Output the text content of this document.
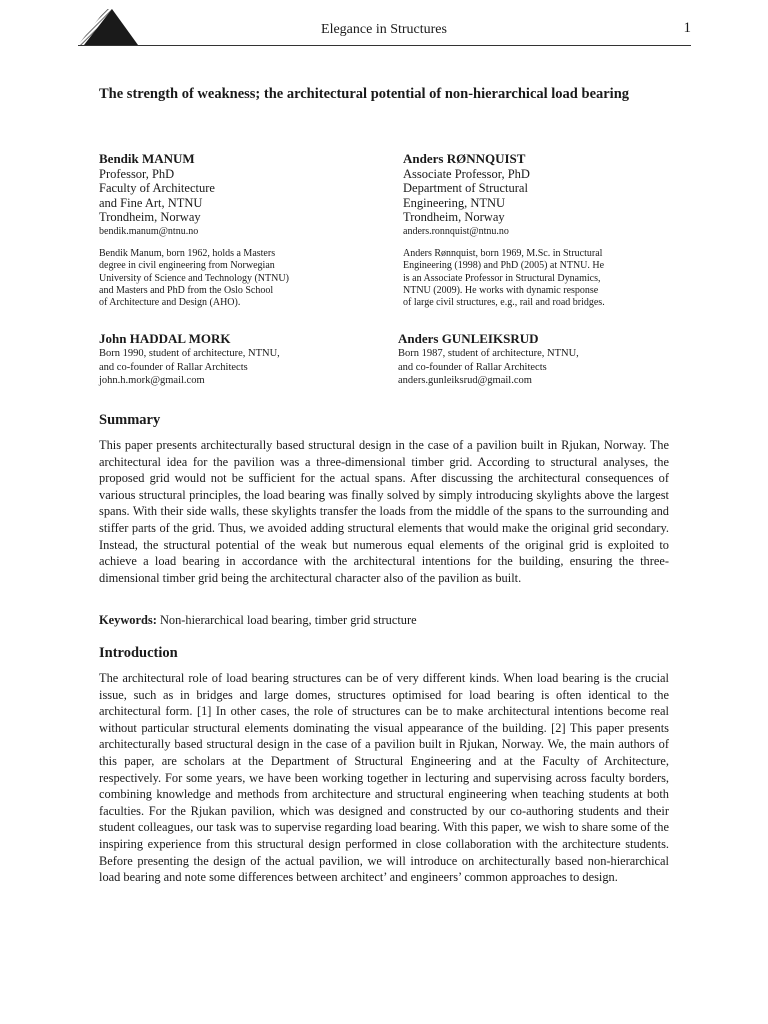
Elegance in Structures	1
The strength of weakness; the architectural potential of non-hierarchical load bearing
Bendik MANUM
Professor, PhD
Faculty of Architecture
and Fine Art, NTNU
Trondheim, Norway
bendik.manum@ntnu.no
Anders RØNNQUIST
Associate Professor, PhD
Department of Structural
Engineering, NTNU
Trondheim, Norway
anders.ronnquist@ntnu.no
Bendik Manum, born 1962, holds a Masters
degree in civil engineering from Norwegian
University of Science and Technology (NTNU)
and Masters and PhD from the Oslo School
of Architecture and Design (AHO).
Anders Rønnquist, born 1969, M.Sc. in Structural
Engineering (1998) and PhD (2005) at NTNU. He
is an Associate Professor in Structural Dynamics,
NTNU (2009). He works with dynamic response
of large civil structures, e.g., rail and road bridges.
John HADDAL MORK
Born 1990, student of architecture, NTNU,
and co-founder of Rallar Architects
john.h.mork@gmail.com
Anders GUNLEIKSRUD
Born 1987, student of architecture, NTNU,
and co-founder of Rallar Architects
anders.gunleiksrud@gmail.com
Summary

This paper presents architecturally based structural design in the case of a pavilion built in Rjukan, Norway. The architectural idea for the pavilion was a three-dimensional timber grid. According to structural analyses, the proposed grid would not be sufficient for the actual spans. After discussing the architectural consequences of various structural principles, the load bearing was finally solved by simply introducing skylights above the largest spans. With their side walls, these skylights transfer the loads from the middle of the spans to the surrounding and stiffer parts of the grid. Thus, we avoided adding structural elements that would make the original grid secondary. Instead, the structural potential of the weak but numerous equal elements of the original grid is exploited to achieve a load bearing in accordance with the architectural intentions for the building, ensuring the three-dimensional timber grid being the architectural character also of the pavilion as built.

Keywords: Non-hierarchical load bearing, timber grid structure
Introduction

The architectural role of load bearing structures can be of very different kinds. When load bearing is the crucial issue, such as in bridges and large domes, structures optimised for load bearing is often identical to the architectural form. [1] In other cases, the role of structures can be to make architectural intentions become real without particular structural elements dominating the visual appearance of the building. [2] This paper presents architecturally based structural design in the case of a pavilion built in Rjukan, Norway. We, the main authors of this paper, are scholars at the Department of Structural Engineering and at the Faculty of Architecture, respectively. For some years, we have been working together in lecturing and supervising across faculty borders, combining knowledge and methods from architecture and structural engineering when teaching students at both faculties. For the Rjukan pavilion, which was designed and constructed by our co-authoring students and their student colleagues, our task was to supervise regarding load bearing. With this paper, we wish to share some of the inspiring experience from this structural design performed in close collaboration with the architecture students. Before presenting the design of the actual pavilion, we will introduce on architecturally based non-hierarchical load bearing and note some differences between architect’ and engineers’ common approaches to design.
